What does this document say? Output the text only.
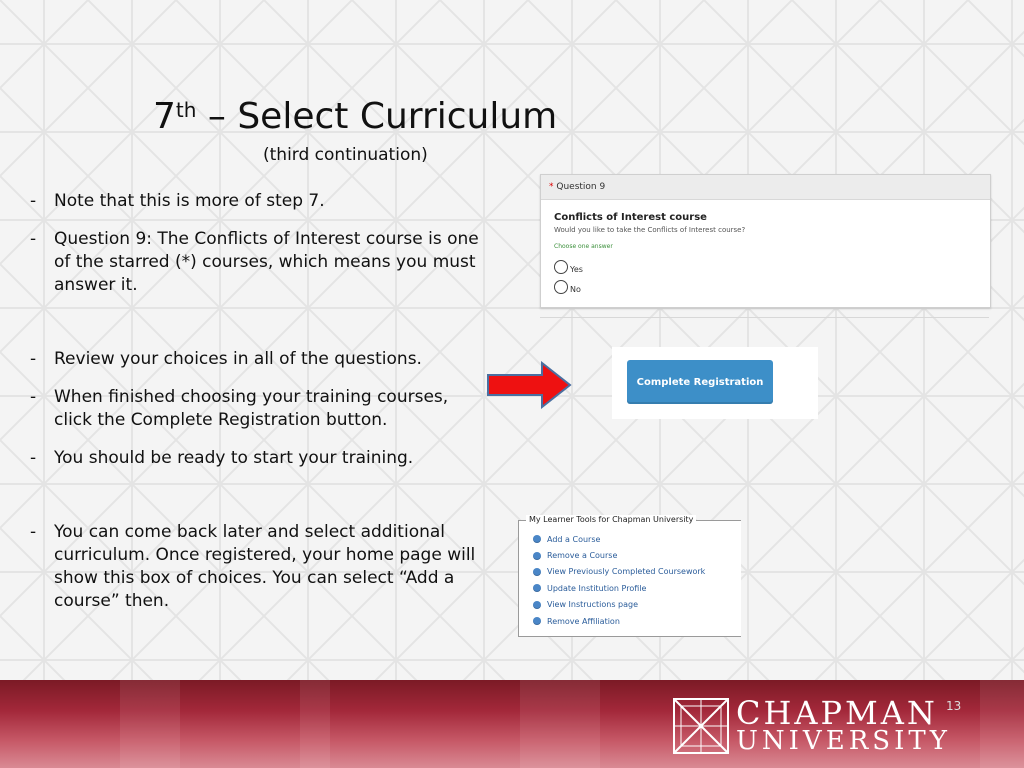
7th – Select Curriculum
(third continuation)

- Note that this is more of step 7.

- Question 9: The Conflicts of Interest course is one of the starred (*) courses, which means you must answer it.

- Review your choices in all of the questions.

- When finished choosing your training courses, click the Complete Registration button.

- You should be ready to start your training.

- You can come back later and select additional curriculum. Once registered, your home page will show this box of choices. You can select “Add a course” then.

* Question 9
Conflicts of Interest course
Would you like to take the Conflicts of Interest course?
Choose one answer
Yes
No
Complete Registration
My Learner Tools for Chapman University
Add a Course
Remove a Course
View Previously Completed Coursework
Update Institution Profile
View Instructions page
Remove Affiliation
CHAPMAN
UNIVERSITY
13
